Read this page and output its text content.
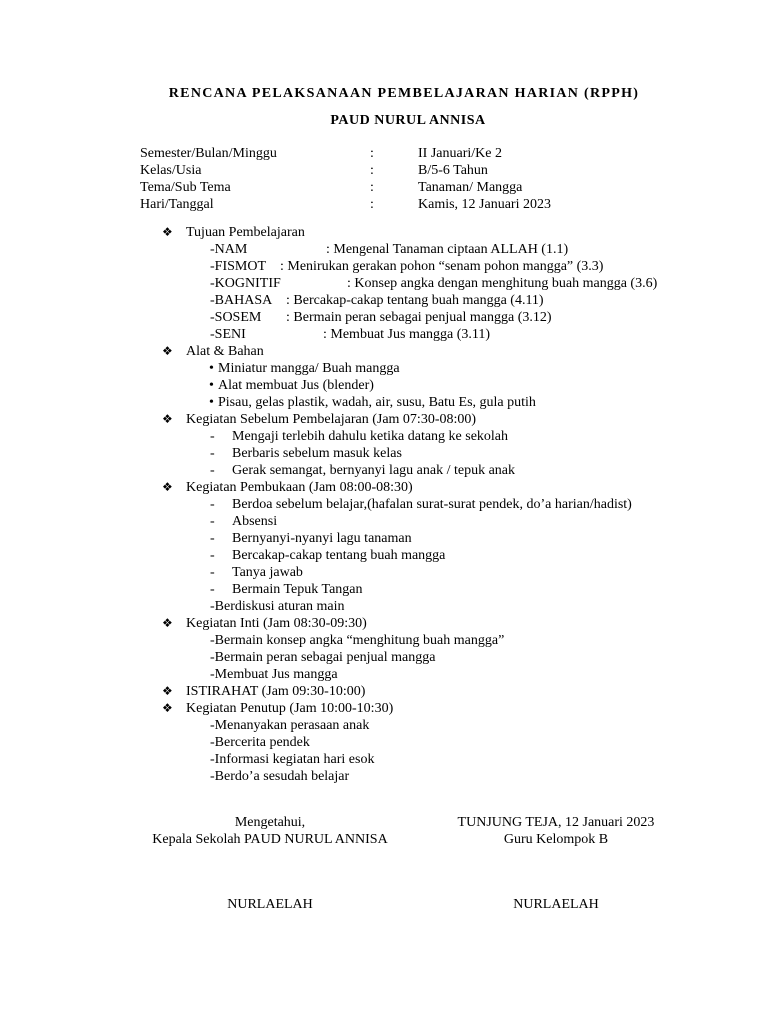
RENCANA PELAKSANAAN PEMBELAJARAN HARIAN (RPPH)
PAUD NURUL ANNISA
Semester/Bulan/Minggu	:	II Januari/Ke 2
Kelas/Usia	:	B/5-6 Tahun
Tema/Sub Tema	:	Tanaman/ Mangga
Hari/Tanggal	:	Kamis, 12 Januari 2023
❖ Tujuan Pembelajaran
-NAM	: Mengenal Tanaman ciptaan ALLAH (1.1)
-FISMOT : Menirukan gerakan pohon “senam pohon mangga” (3.3)
-KOGNITIF	: Konsep angka dengan menghitung buah mangga (3.6)
-BAHASA : Bercakap-cakap tentang buah mangga (4.11)
-SOSEM : Bermain peran sebagai penjual mangga (3.12)
-SENI	: Membuat Jus mangga (3.11)
❖ Alat & Bahan
• Miniatur mangga/ Buah mangga
• Alat membuat Jus (blender)
• Pisau, gelas plastik, wadah, air, susu, Batu Es, gula putih
❖ Kegiatan Sebelum Pembelajaran (Jam 07:30-08:00)
- Mengaji terlebih dahulu ketika datang ke sekolah
- Berbaris sebelum masuk kelas
- Gerak semangat, bernyanyi lagu anak / tepuk anak
❖ Kegiatan Pembukaan (Jam 08:00-08:30)
- Berdoa sebelum belajar,(hafalan surat-surat pendek, do’a harian/hadist)
- Absensi
- Bernyanyi-nyanyi lagu tanaman
- Bercakap-cakap tentang buah mangga
- Tanya jawab
- Bermain Tepuk Tangan
-Berdiskusi aturan main
❖ Kegiatan Inti (Jam 08:30-09:30)
-Bermain konsep angka “menghitung buah mangga”
-Bermain peran sebagai penjual mangga
-Membuat Jus mangga
❖ ISTIRAHAT (Jam 09:30-10:00)
❖ Kegiatan Penutup (Jam 10:00-10:30)
-Menanyakan perasaan anak
-Bercerita pendek
-Informasi kegiatan hari esok
-Berdo’a sesudah belajar
Mengetahui,
Kepala Sekolah PAUD NURUL ANNISA
NURLAELAH
TUNJUNG TEJA, 12 Januari 2023
Guru Kelompok B
NURLAELAH
